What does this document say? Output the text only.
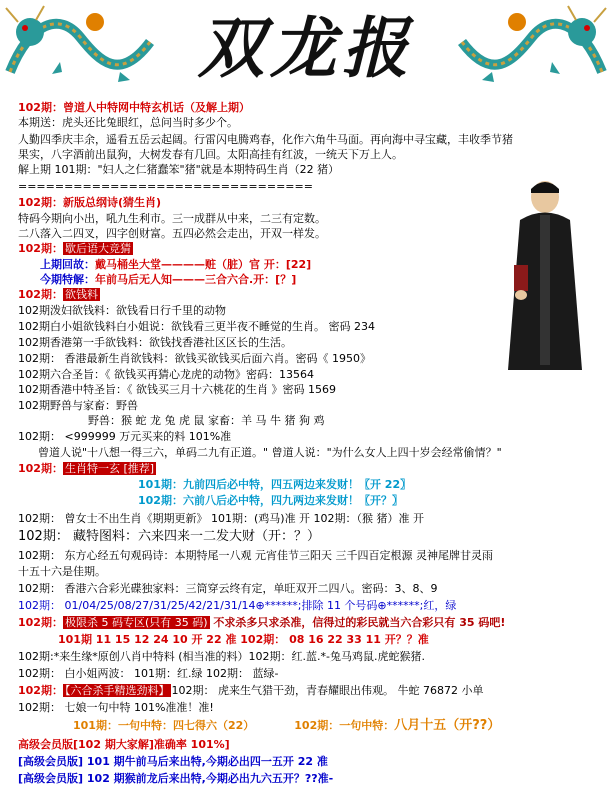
双龙报
102期：曾道人中特网中特玄机话（及解上期）
本期送：虎头还比兔眼红，总问当时多少个。
人勤四季庆丰余，遥看五岳云起阔。行雷闪电腾鸡春，化作六角牛马面。再向海中寻宝藏，丰收季节猪
果实，八字酒前出鼠狗，大树发春有几回。太阳高挂有红波，一统天下万上人。
解上期 101期："妇人之仁猪蠢笨"猪"就是本期特码生肖（22 猪）
================================
102期：新版总纲诗(猜生肖)
特码今期向小出，吼九生利市。三一成群从中来，二三有定数。
二八落入二四叉，四字创财富。五四必然会走出，开双一样发。
102期： 歇后语大竞猜
上期回故：戴马桶坐大堂————赃（脏）官 开：[22]
今期特解：年前马后无人知———三合六合.开：[？]
102期： 欲钱料
102期泼妇欲钱料：欲钱看日行千里的动物
102期白小姐欲钱料白小姐说：欲钱看三更半夜不睡觉的生肖。 密码 234
102期香港第一手欲钱料：欲钱找香港社区区长的生活。
102期： 香港最新生肖欲钱料：欲钱买欲钱买后面六肖。密码《 1950》
102期六合圣旨：《 欲钱买再猜心龙虎的动物》密码：13564
102期香港中特圣旨：《 欲钱买三月十六桃花的生肖 》密码 1569
102期野兽与家畜：野兽
野兽：猴 蛇 龙 兔 虎 鼠 家畜：羊 马 牛 猪 狗 鸡
102期： <999999 万元买来的料 101%准
曾道人说"十八想一得三六，单码二九有正道。" 曾道人说："为什么女人上四十岁会经常偷情？"
102期： 生肖特一玄 [推荐]
101期：九前四后必中特，四五两边来发财！〖开 22〗
102期：六前八后必中特，四九两边来发财！〖开？〗
102期： 曾女士不出生肖《期期更新》 101期：(鸡马)准 开 102期：（猴 猪）准 开
102期： 藏特图料：六来四来一二发大财（开：？）
102期： 东方心经五句观码诗：本期特尾一八观 元宵佳节三阳天 三千四百定根源 灵神尾牌甘灵雨
十五十六是佳期。
102期： 香港六合彩光碟独家料：三筒穿云终有定，单旺双开二四八。密码：3、8、9
102期： 01/04/25/08/27/31/25/42/21/31/14⊕******;排除 11 个号码⊕******;红，绿
102期： 极限杀 5 码专区(只有 35 码) 不求杀多只求杀准，信得过的彩民就当六合彩只有 35 码吧!
101期 11 15 12 24 10 开 22 准 102期： 08 16 22 33 11 开？？准
102期:*来生缘*原创八肖中特料 (相当准的料）102期：红.蓝.*-兔马鸡鼠.虎蛇猴猪.
102期： 白小姐两波： 101期：红.绿 102期： 蓝绿-
102期： 【六合杀手精选劲料】 102期： 虎来生气猎干劲，青春耀眼出伟观。 牛蛇 76872 小单
102期： 七娘一句中特 101%准准！准!
101期：一句中特：四七得六（22）	102期：一句中特：八月十五（开??）
高级会员版[102 期大家解]准确率 101%]
[高级会员版] 101 期牛前马后来出特,今期必出四一五开 22 准
[高级会员版] 102 期猴前龙后来出特,今期必出九六五开？??准-
